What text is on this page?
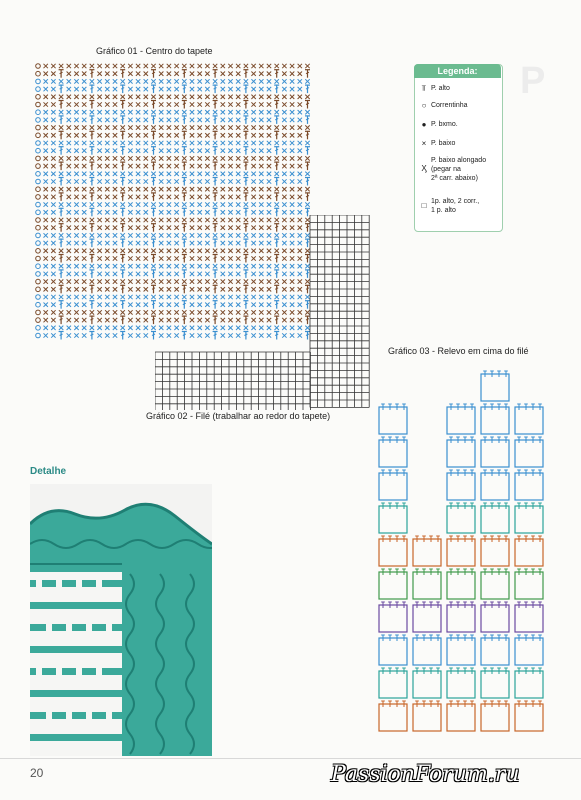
P
Gráfico 01 - Centro do tapete
Gráfico 02 - Filé (trabalhar ao redor do tapete)
Legenda:
⫪ P. alto
○ Correntinha
● P. bxmo.
× P. baixo
Ӽ P. baixo alongado
(pegar na
2ª carr. abaixo)
□ 1p. alto, 2 corr.,
1 p. alto
Gráfico 03 - Relevo em cima do filé
Detalhe
20	PassionForum.ru
